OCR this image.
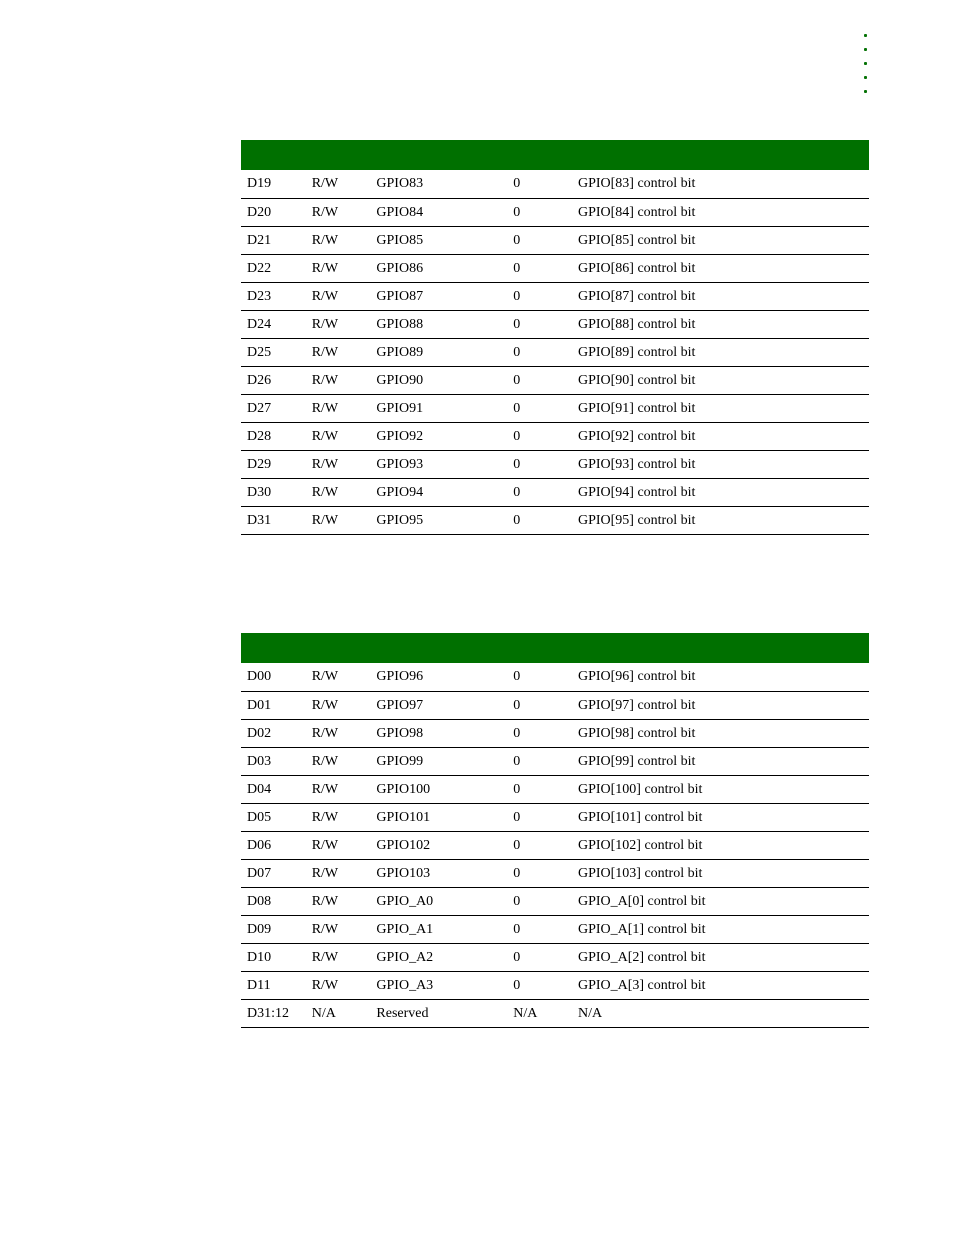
D19	R/W	GPIO83	0	GPIO[83] control bit
D20	R/W	GPIO84	0	GPIO[84] control bit
D21	R/W	GPIO85	0	GPIO[85] control bit
D22	R/W	GPIO86	0	GPIO[86] control bit
D23	R/W	GPIO87	0	GPIO[87] control bit
D24	R/W	GPIO88	0	GPIO[88] control bit
D25	R/W	GPIO89	0	GPIO[89] control bit
D26	R/W	GPIO90	0	GPIO[90] control bit
D27	R/W	GPIO91	0	GPIO[91] control bit
D28	R/W	GPIO92	0	GPIO[92] control bit
D29	R/W	GPIO93	0	GPIO[93] control bit
D30	R/W	GPIO94	0	GPIO[94] control bit
D31	R/W	GPIO95	0	GPIO[95] control bit

D00	R/W	GPIO96	0	GPIO[96] control bit
D01	R/W	GPIO97	0	GPIO[97] control bit
D02	R/W	GPIO98	0	GPIO[98] control bit
D03	R/W	GPIO99	0	GPIO[99] control bit
D04	R/W	GPIO100	0	GPIO[100] control bit
D05	R/W	GPIO101	0	GPIO[101] control bit
D06	R/W	GPIO102	0	GPIO[102] control bit
D07	R/W	GPIO103	0	GPIO[103] control bit
D08	R/W	GPIO_A0	0	GPIO_A[0] control bit
D09	R/W	GPIO_A1	0	GPIO_A[1] control bit
D10	R/W	GPIO_A2	0	GPIO_A[2] control bit
D11	R/W	GPIO_A3	0	GPIO_A[3] control bit
D31:12	N/A	Reserved	N/A	N/A
